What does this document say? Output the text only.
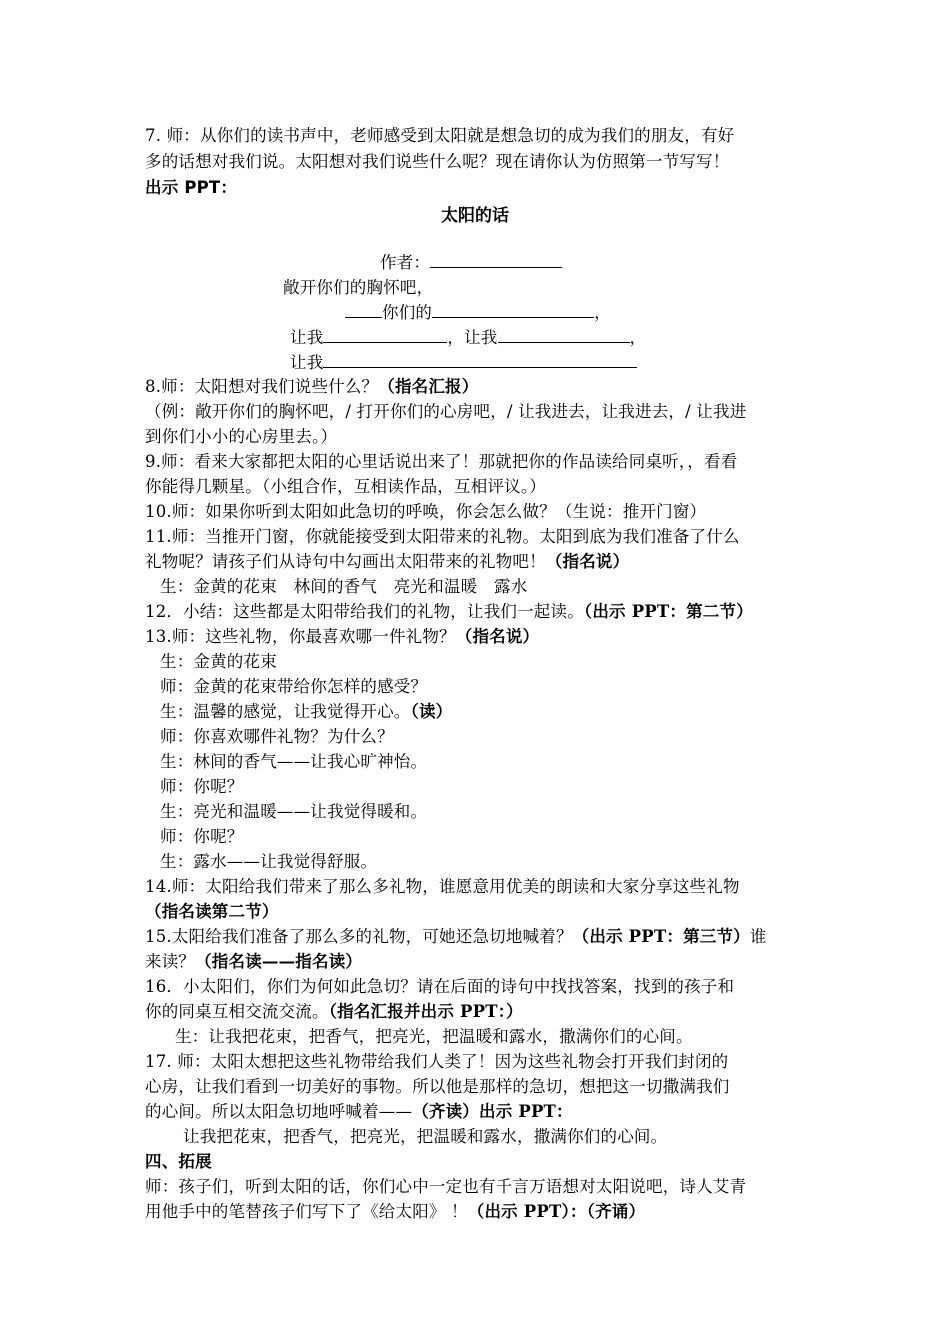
7. 师：从你们的读书声中，老师感受到太阳就是想急切的成为我们的朋友，有好
多的话想对我们说。太阳想对我们说些什么呢？现在请你认为仿照第一节写写！
出示 PPT：
太阳的话
作者：
敞开你们的胸怀吧，
你们的	，
让我	，让我	，
让我
8.师：太阳想对我们说些什么？（指名汇报）
（例：敞开你们的胸怀吧，/ 打开你们的心房吧，/ 让我进去，让我进去，/ 让我进
到你们小小的心房里去。）
9.师：看来大家都把太阳的心里话说出来了！那就把你的作品读给同桌听，，看看
你能得几颗星。（小组合作，互相读作品，互相评议。）
10.师：如果你听到太阳如此急切的呼唤，你会怎么做？（生说：推开门窗）
11.师：当推开门窗，你就能接受到太阳带来的礼物。太阳到底为我们准备了什么
礼物呢？请孩子们从诗句中勾画出太阳带来的礼物吧！（指名说）
生：金黄的花束　林间的香气　亮光和温暖　露水
12．小结：这些都是太阳带给我们的礼物，让我们一起读。（出示 PPT：第二节）
13.师：这些礼物，你最喜欢哪一件礼物？（指名说）
生：金黄的花束
师：金黄的花束带给你怎样的感受？
生：温馨的感觉，让我觉得开心。（读）
师：你喜欢哪件礼物？为什么？
生：林间的香气——让我心旷神怡。
师：你呢？
生：亮光和温暖——让我觉得暖和。
师：你呢？
生：露水——让我觉得舒服。
14.师：太阳给我们带来了那么多礼物，谁愿意用优美的朗读和大家分享这些礼物
（指名读第二节）
15.太阳给我们准备了那么多的礼物，可她还急切地喊着？（出示 PPT：第三节）谁
来读？（指名读——指名读）
16．小太阳们，你们为何如此急切？请在后面的诗句中找找答案，找到的孩子和
你的同桌互相交流交流。（指名汇报并出示 PPT：）
生：让我把花束，把香气，把亮光，把温暖和露水，撒满你们的心间。
17. 师：太阳太想把这些礼物带给我们人类了！因为这些礼物会打开我们封闭的
心房，让我们看到一切美好的事物。所以他是那样的急切，想把这一切撒满我们
的心间。所以太阳急切地呼喊着——（齐读）出示 PPT：
让我把花束，把香气，把亮光，把温暖和露水，撒满你们的心间。
四、拓展
师：孩子们，听到太阳的话，你们心中一定也有千言万语想对太阳说吧，诗人艾青
用他手中的笔替孩子们写下了《给太阳》 ！（出示 PPT）：（齐诵）
